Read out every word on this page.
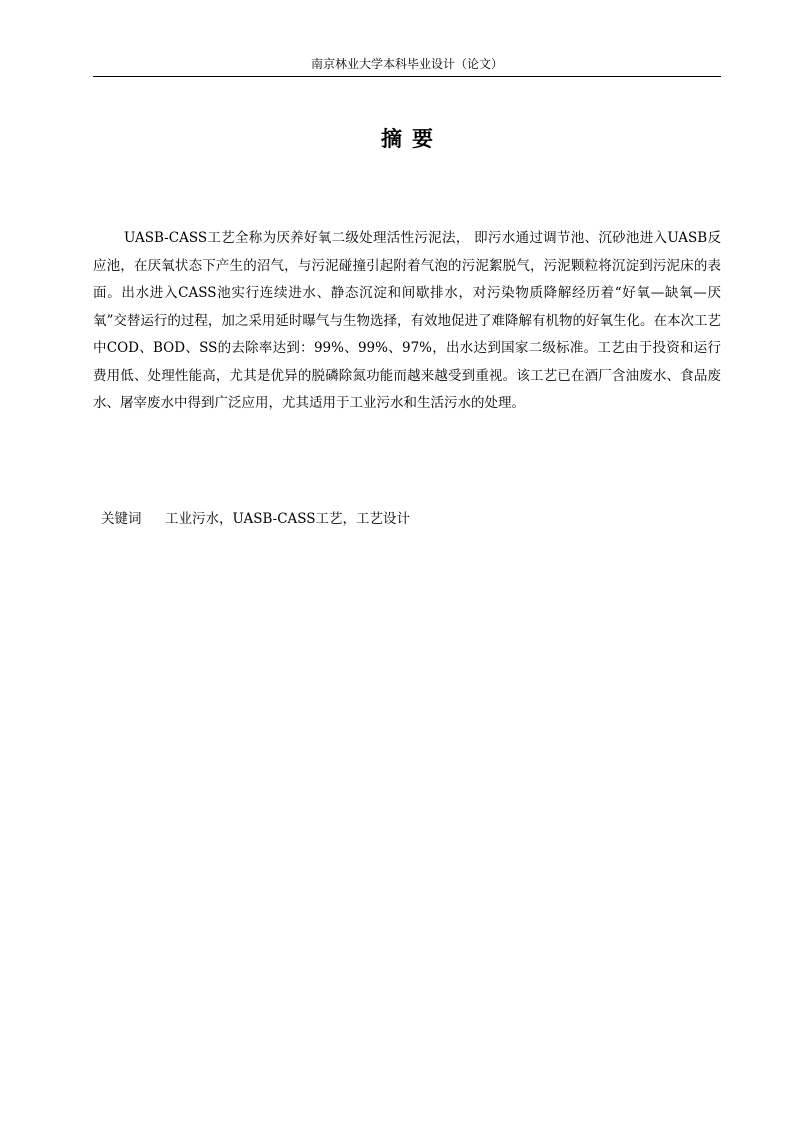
南京林业大学本科毕业设计（论文）
摘要

UASB-CASS工艺全称为厌养好氧二级处理活性污泥法， 即污水通过调节池、沉砂池进入UASB反应池，在厌氧状态下产生的沼气，与污泥碰撞引起附着气泡的污泥絮脱气，污泥颗粒将沉淀到污泥床的表面。出水进入CASS池实行连续进水、静态沉淀和间歇排水，对污染物质降解经历着“好氧—缺氧—厌氧”交替运行的过程，加之采用延时曝气与生物选择，有效地促进了难降解有机物的好氧生化。在本次工艺中COD、BOD、SS的去除率达到：99%、99%、97%，出水达到国家二级标准。工艺由于投资和运行费用低、处理性能高，尤其是优异的脱磷除氮功能而越来越受到重视。该工艺已在酒厂含油废水、食品废水、屠宰废水中得到广泛应用，尤其适用于工业污水和生活污水的处理。

关键词 工业污水，UASB-CASS工艺，工艺设计
